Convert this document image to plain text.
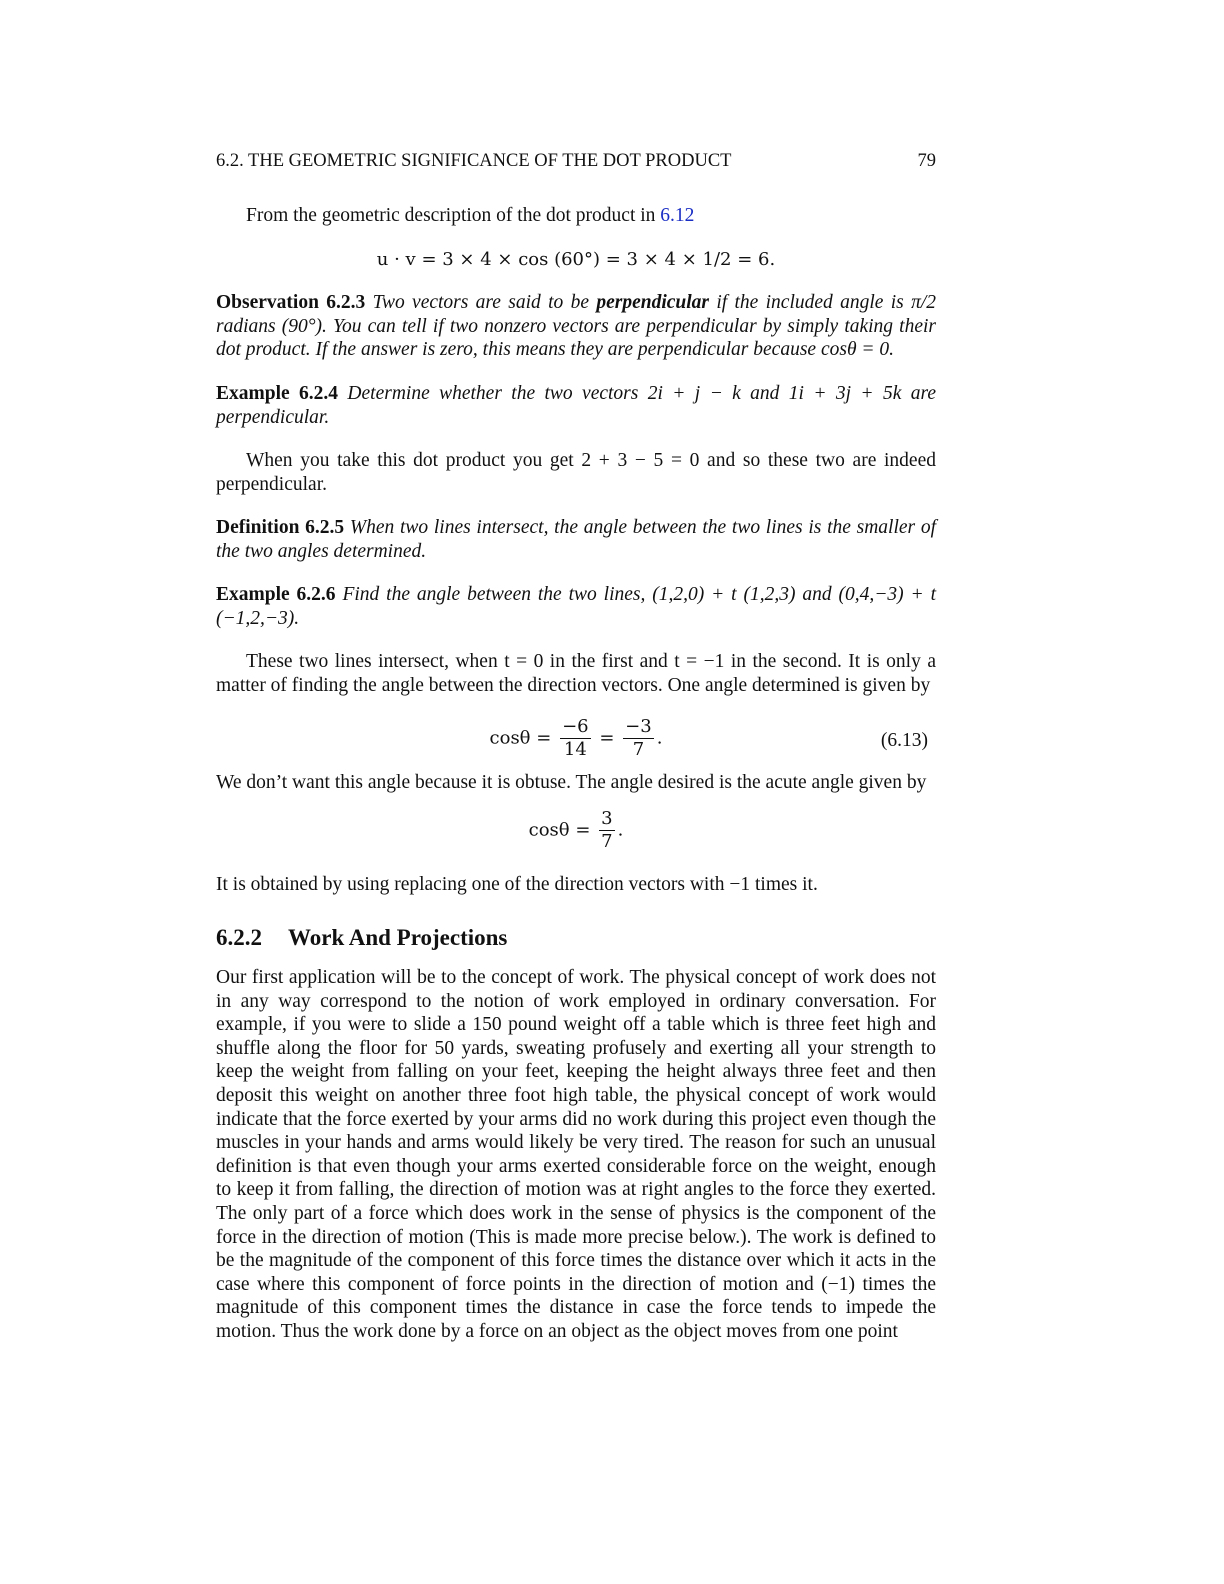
6.2. THE GEOMETRIC SIGNIFICANCE OF THE DOT PRODUCT	79
From the geometric description of the dot product in 6.12
u · v = 3 × 4 × cos (60°) = 3 × 4 × 1/2 = 6.
Observation 6.2.3 Two vectors are said to be perpendicular if the included angle is π/2 radians (90°). You can tell if two nonzero vectors are perpendicular by simply taking their dot product. If the answer is zero, this means they are perpendicular because cosθ = 0.
Example 6.2.4 Determine whether the two vectors 2i + j − k and 1i + 3j + 5k are perpendicular.
When you take this dot product you get 2 + 3 − 5 = 0 and so these two are indeed perpendicular.
Definition 6.2.5 When two lines intersect, the angle between the two lines is the smaller of the two angles determined.
Example 6.2.6 Find the angle between the two lines, (1,2,0) + t (1,2,3) and (0,4,−3) + t (−1,2,−3).
These two lines intersect, when t = 0 in the first and t = −1 in the second. It is only a matter of finding the angle between the direction vectors. One angle determined is given by
$\cos\theta = \frac{-6}{14} = \frac{-3}{7}$ .	(6.13)
We don’t want this angle because it is obtuse. The angle desired is the acute angle given by
$\cos\theta = \frac{3}{7}$ .
It is obtained by using replacing one of the direction vectors with −1 times it.
6.2.2 Work And Projections
Our first application will be to the concept of work. The physical concept of work does not in any way correspond to the notion of work employed in ordinary conversation. For example, if you were to slide a 150 pound weight off a table which is three feet high and shuffle along the floor for 50 yards, sweating profusely and exerting all your strength to keep the weight from falling on your feet, keeping the height always three feet and then deposit this weight on another three foot high table, the physical concept of work would indicate that the force exerted by your arms did no work during this project even though the muscles in your hands and arms would likely be very tired. The reason for such an unusual definition is that even though your arms exerted considerable force on the weight, enough to keep it from falling, the direction of motion was at right angles to the force they exerted. The only part of a force which does work in the sense of physics is the component of the force in the direction of motion (This is made more precise below.). The work is defined to be the magnitude of the component of this force times the distance over which it acts in the case where this component of force points in the direction of motion and (−1) times the magnitude of this component times the distance in case the force tends to impede the motion. Thus the work done by a force on an object as the object moves from one point
